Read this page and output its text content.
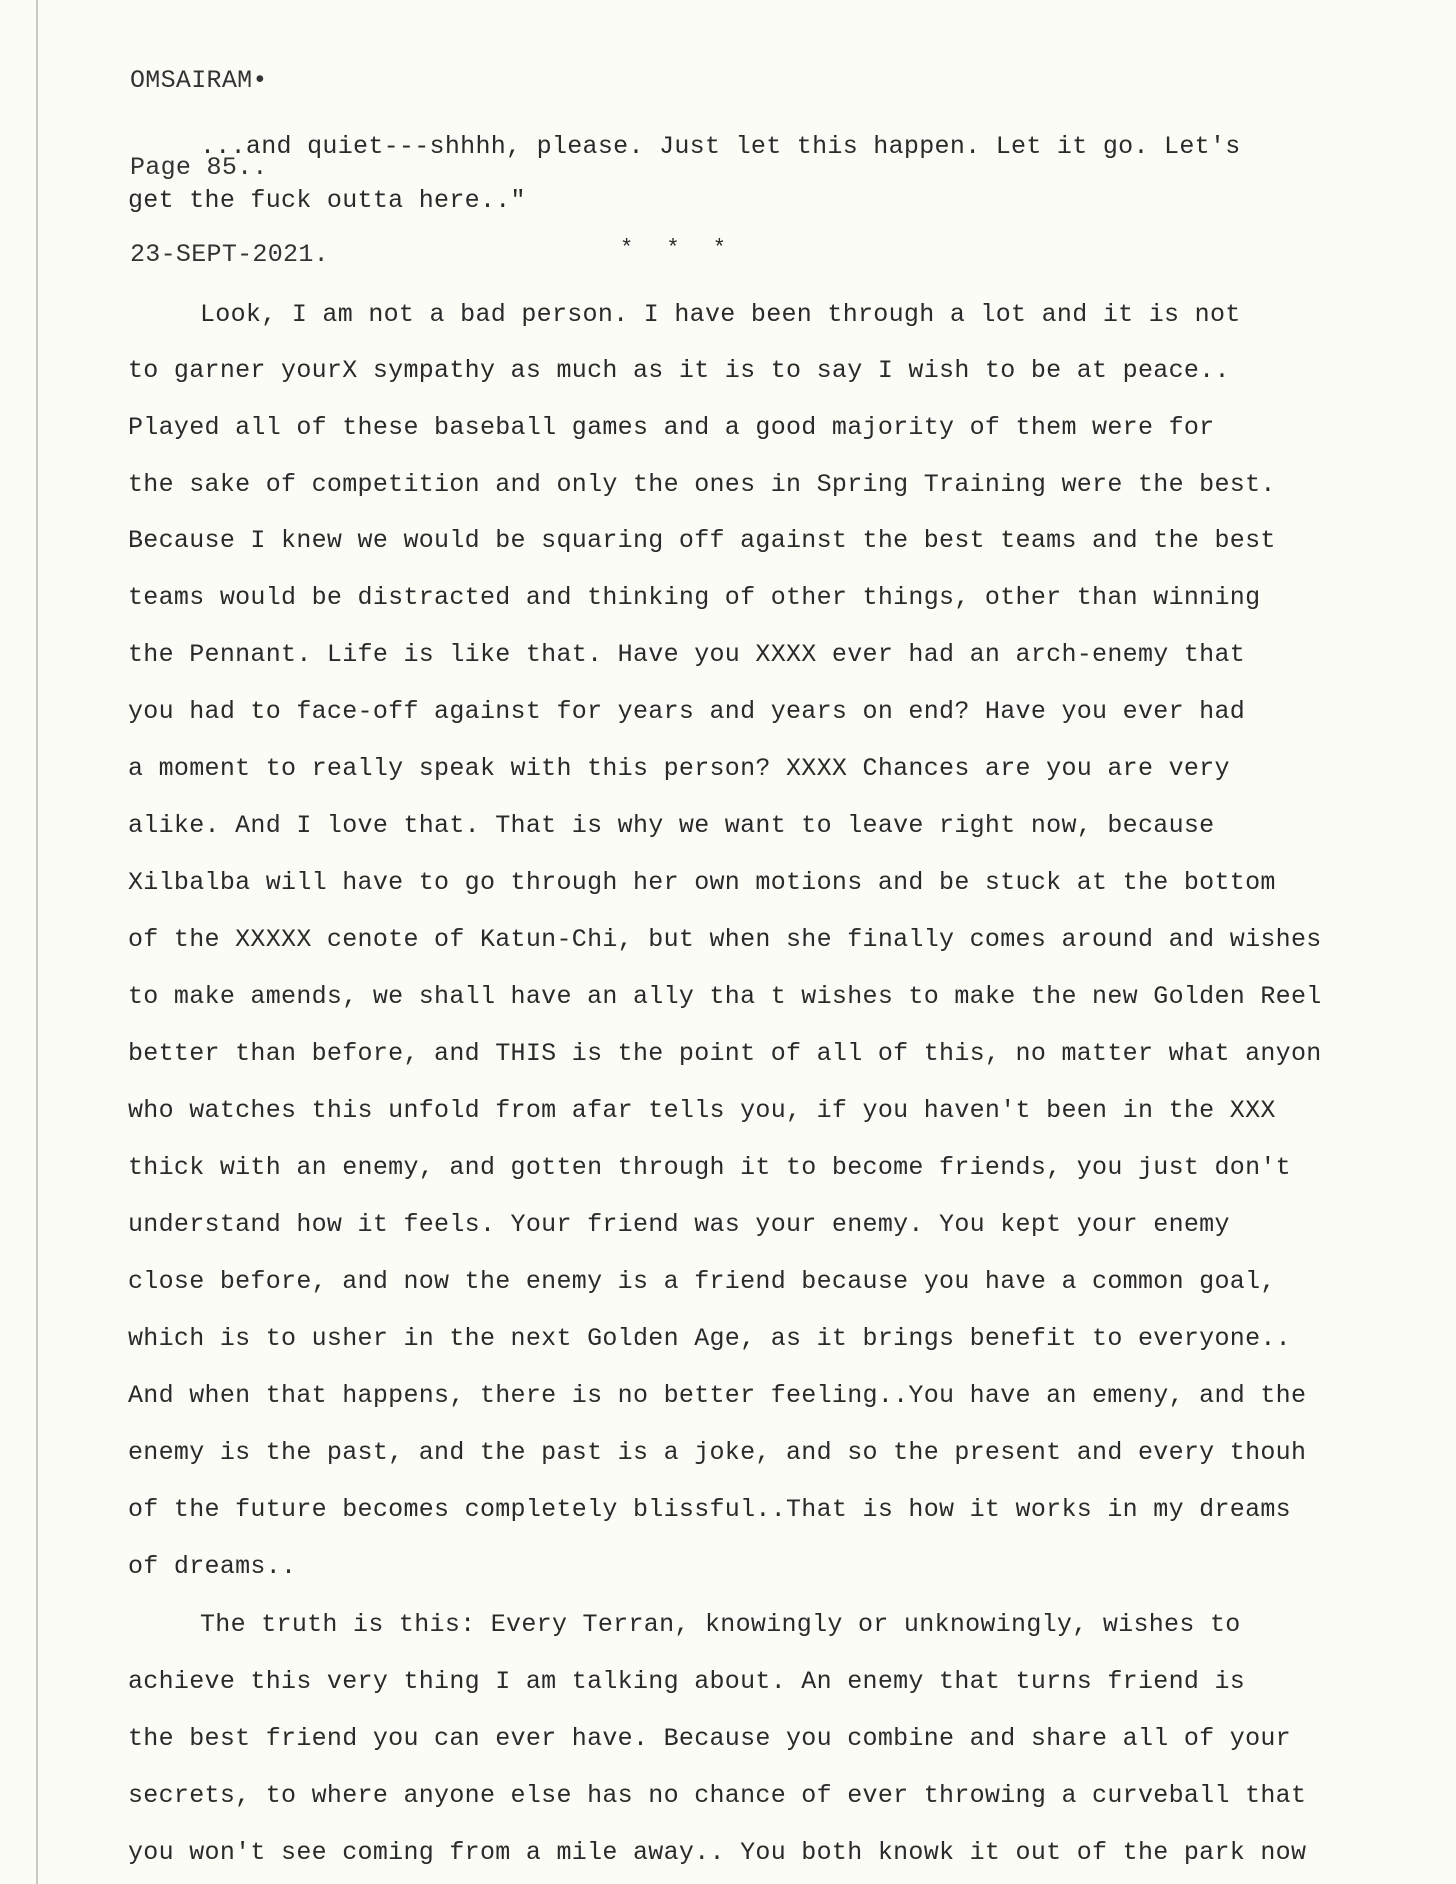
OMSAIRAM•

Page 85..

23-SEPT-2021.

...and quiet---shhhh, please. Just let this happen. Let it go. Let's
get the fuck outta here.."
* * *
Look, I am not a bad person. I have been through a lot and it is not
to garner yourX sympathy as much as it is to say I wish to be at peace..
Played all of these baseball games and a good majority of them were for
the sake of competition and only the ones in Spring Training were the best.
Because I knew we would be squaring off against the best teams and the best
teams would be distracted and thinking of other things, other than winning
the Pennant. Life is like that. Have you XXXX ever had an arch-enemy that
you had to face-off against for years and years on end? Have you ever had
a moment to really speak with this person? XXXX Chances are you are very
alike. And I love that. That is why we want to leave right now, because
Xilbalba will have to go through her own motions and be stuck at the bottom
of the XXXXX cenote of Katun-Chi, but when she finally comes around and wishes
to make amends, we shall have an ally tha t wishes to make the new Golden Reel
better than before, and THIS is the point of all of this, no matter what anyon
who watches this unfold from afar tells you, if you haven't been in the XXX
thick with an enemy, and gotten through it to become friends, you just don't
understand how it feels. Your friend was your enemy. You kept your enemy
close before, and now the enemy is a friend because you have a common goal,
which is to usher in the next Golden Age, as it brings benefit to everyone..
And when that happens, there is no better feeling..You have an emeny, and the
enemy is the past, and the past is a joke, and so the present and every thouh
of the future becomes completely blissful..That is how it works in my dreams
of dreams..
The truth is this: Every Terran, knowingly or unknowingly, wishes to
achieve this very thing I am talking about. An enemy that turns friend is
the best friend you can ever have. Because you combine and share all of your
secrets, to where anyone else has no chance of ever throwing a curveball that
you won't see coming from a mile away.. You both knowk it out of the park now
